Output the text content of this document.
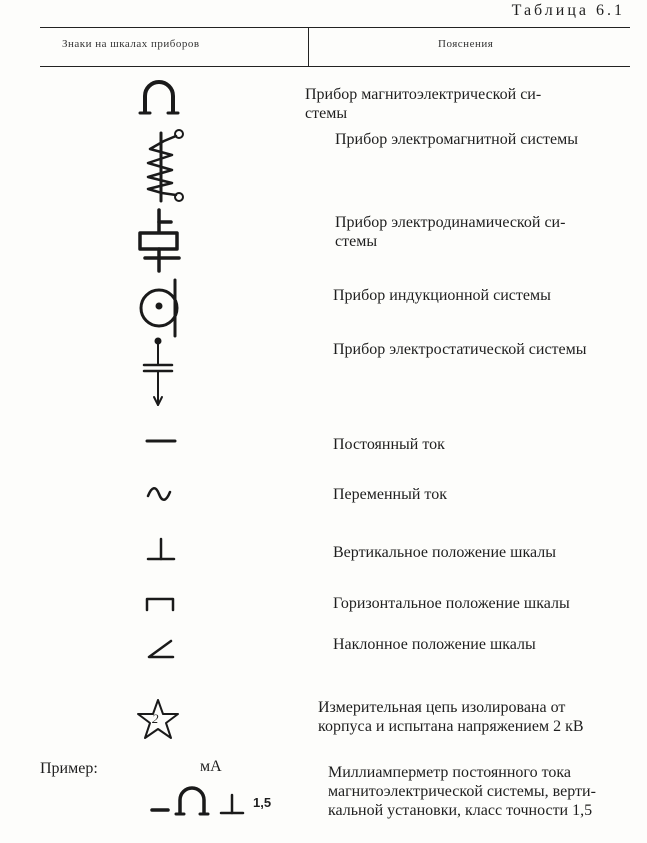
Таблица 6.1
Знаки на шкалах приборов	Пояснения
Прибор магнитоэлектрической си-
стемы
Прибор электромагнитной системы
Прибор электродинамической си-
стемы
Прибор индукционной системы
Прибор электростатической системы
Постоянный ток
Переменный ток
Вертикальное положение шкалы
Горизонтальное положение шкалы
Наклонное положение шкалы
2
Измерительная цепь изолирована от
корпуса и испытана напряжением 2 кВ
Пример:	мА
1,5
Миллиамперметр постоянного тока
магнитоэлектрической системы, верти-
кальной установки, класс точности 1,5
